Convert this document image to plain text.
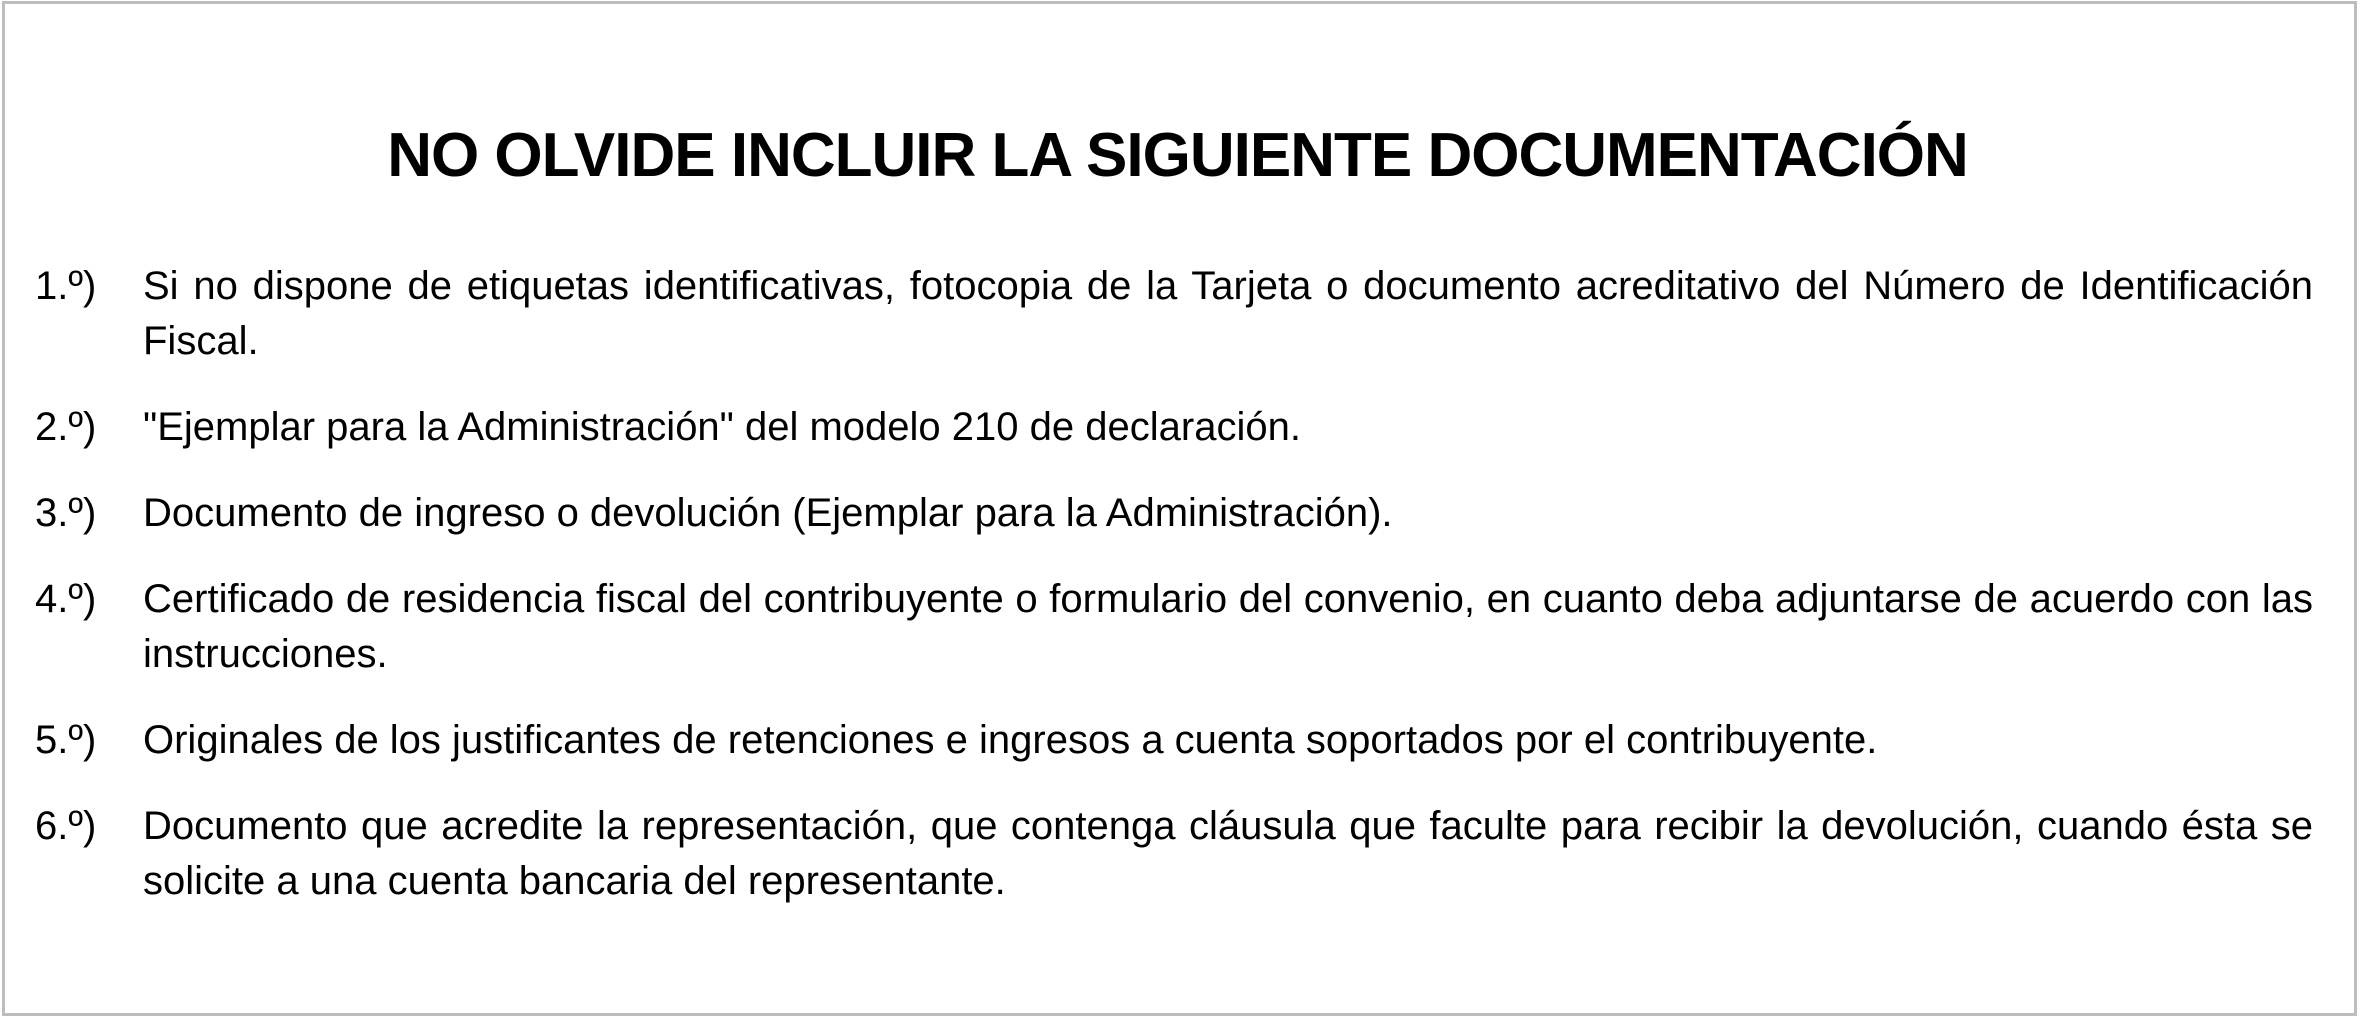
NO OLVIDE INCLUIR LA SIGUIENTE DOCUMENTACIÓN
1.º)	Si no dispone de etiquetas identificativas, fotocopia de la Tarjeta o documento acreditativo del Número de Identificación Fiscal.
2.º)	"Ejemplar para la Administración" del modelo 210 de declaración.
3.º)	Documento de ingreso o devolución (Ejemplar para la Administración).
4.º)	Certificado de residencia fiscal del contribuyente o formulario del convenio, en cuanto deba adjuntarse de acuerdo con las instrucciones.
5.º)	Originales de los justificantes de retenciones e ingresos a cuenta soportados por el contribuyente.
6.º)	Documento que acredite la representación, que contenga cláusula que faculte para recibir la devolución, cuando ésta se solicite a una cuenta bancaria del representante.
